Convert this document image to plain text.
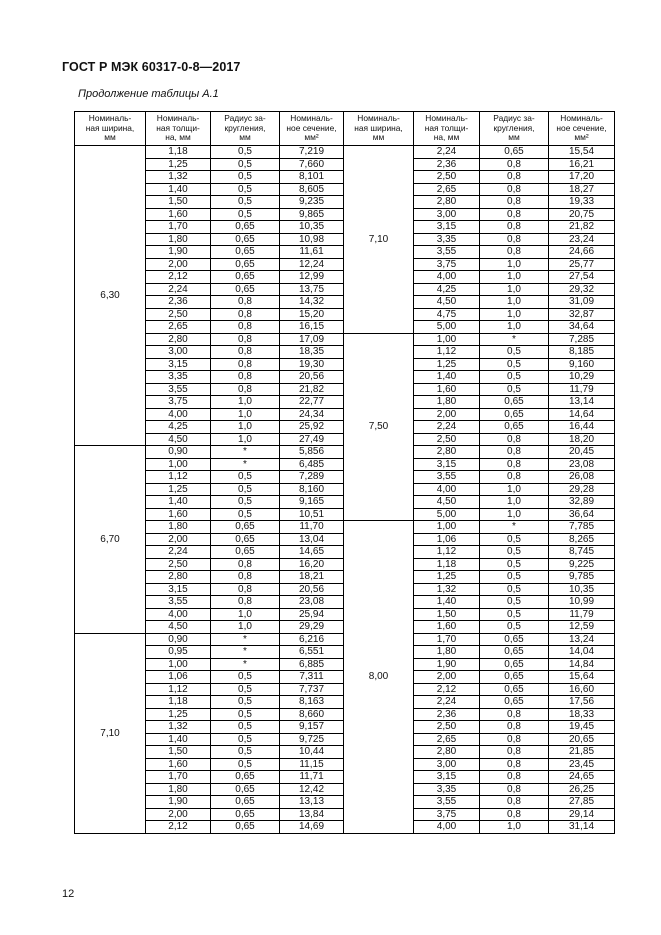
ГОСТ Р МЭК 60317-0-8—2017
Продолжение таблицы А.1
Номиналь-
ная ширина,
мм	Номиналь-
ная толщи-
на, мм	Радиус за-
кругления,
мм	Номиналь-
ное сечение,
мм²	Номиналь-
ная ширина,
мм	Номиналь-
ная толщи-
на, мм	Радиус за-
кругления,
мм	Номиналь-
ное сечение,
мм²

6,30	1,18	0,5	7,219	7,10	2,24	0,65	15,54
	1,25	0,5	7,660		2,36	0,8	16,21
	1,32	0,5	8,101		2,50	0,8	17,20
	1,40	0,5	8,605		2,65	0,8	18,27
	1,50	0,5	9,235		2,80	0,8	19,33
	1,60	0,5	9,865		3,00	0,8	20,75
	1,70	0,65	10,35		3,15	0,8	21,82
	1,80	0,65	10,98		3,35	0,8	23,24
	1,90	0,65	11,61		3,55	0,8	24,66
	2,00	0,65	12,24		3,75	1,0	25,77
	2,12	0,65	12,99		4,00	1,0	27,54
	2,24	0,65	13,75		4,25	1,0	29,32
	2,36	0,8	14,32		4,50	1,0	31,09
	2,50	0,8	15,20		4,75	1,0	32,87
	2,65	0,8	16,15		5,00	1,0	34,64
	2,80	0,8	17,09	7,50	1,00	*	7,285
	3,00	0,8	18,35		1,12	0,5	8,185
	3,15	0,8	19,30		1,25	0,5	9,160
	3,35	0,8	20,56		1,40	0,5	10,29
	3,55	0,8	21,82		1,60	0,5	11,79
	3,75	1,0	22,77		1,80	0,65	13,14
	4,00	1,0	24,34		2,00	0,65	14,64
	4,25	1,0	25,92		2,24	0,65	16,44
	4,50	1,0	27,49		2,50	0,8	18,20
6,70	0,90	*	5,856		2,80	0,8	20,45
	1,00	*	6,485		3,15	0,8	23,08
	1,12	0,5	7,289		3,55	0,8	26,08
	1,25	0,5	8,160		4,00	1,0	29,28
	1,40	0,5	9,165		4,50	1,0	32,89
	1,60	0,5	10,51		5,00	1,0	36,64
	1,80	0,65	11,70	8,00	1,00	*	7,785
	2,00	0,65	13,04		1,06	0,5	8,265
	2,24	0,65	14,65		1,12	0,5	8,745
	2,50	0,8	16,20		1,18	0,5	9,225
	2,80	0,8	18,21		1,25	0,5	9,785
	3,15	0,8	20,56		1,32	0,5	10,35
	3,55	0,8	23,08		1,40	0,5	10,99
	4,00	1,0	25,94		1,50	0,5	11,79
	4,50	1,0	29,29		1,60	0,5	12,59
7,10	0,90	*	6,216		1,70	0,65	13,24
	0,95	*	6,551		1,80	0,65	14,04
	1,00	*	6,885		1,90	0,65	14,84
	1,06	0,5	7,311		2,00	0,65	15,64
	1,12	0,5	7,737		2,12	0,65	16,60
	1,18	0,5	8,163		2,24	0,65	17,56
	1,25	0,5	8,660		2,36	0,8	18,33
	1,32	0,5	9,157		2,50	0,8	19,45
	1,40	0,5	9,725		2,65	0,8	20,65
	1,50	0,5	10,44		2,80	0,8	21,85
	1,60	0,5	11,15		3,00	0,8	23,45
	1,70	0,65	11,71		3,15	0,8	24,65
	1,80	0,65	12,42		3,35	0,8	26,25
	1,90	0,65	13,13		3,55	0,8	27,85
	2,00	0,65	13,84		3,75	0,8	29,14
	2,12	0,65	14,69		4,00	1,0	31,14
12
